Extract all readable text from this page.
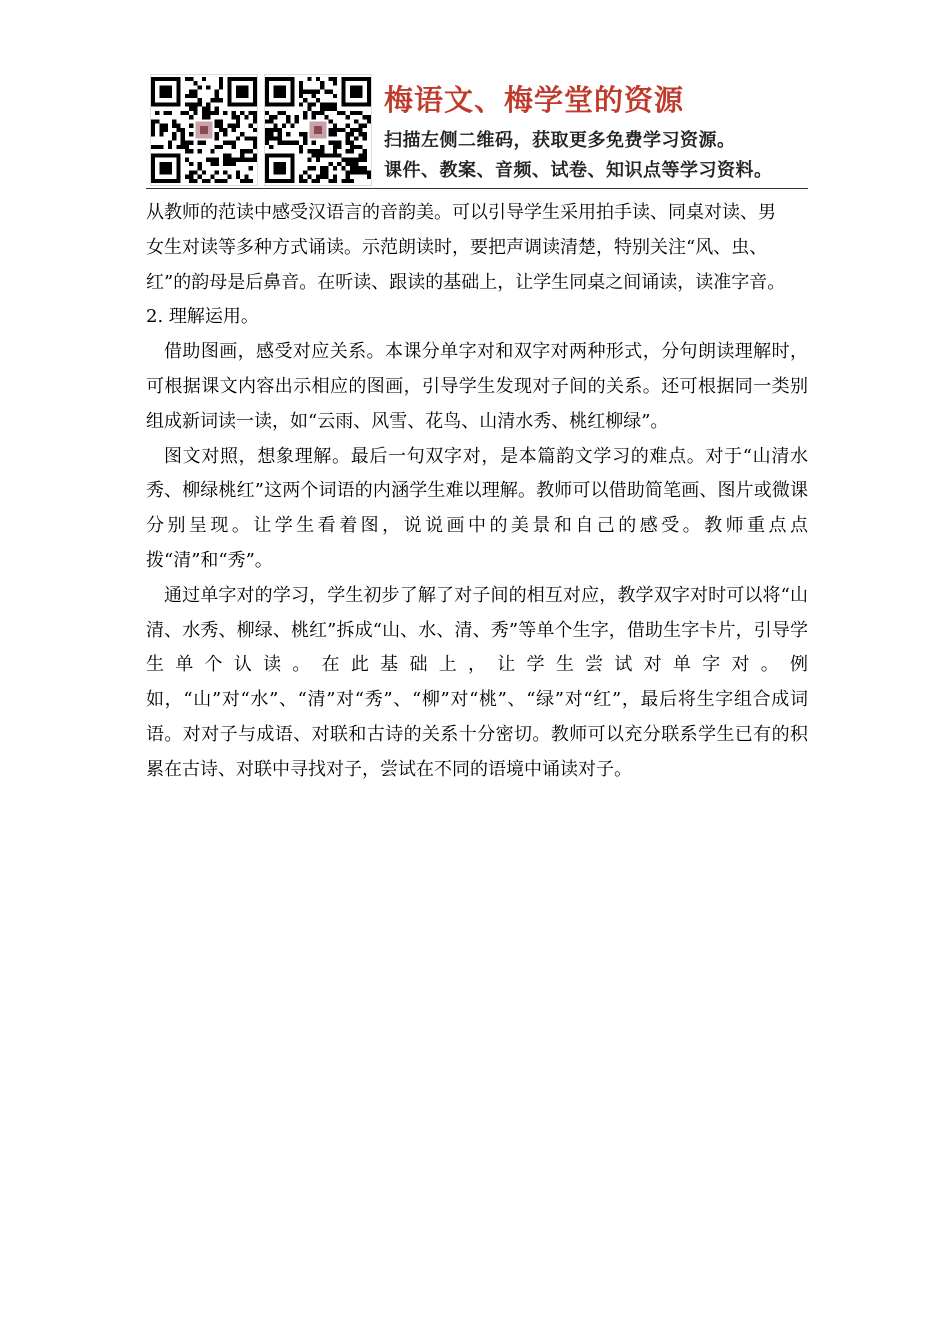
梅语文、梅学堂的资源
扫描左侧二维码，获取更多免费学习资源。
课件、教案、音频、试卷、知识点等学习资料。

从教师的范读中感受汉语言的音韵美。可以引导学生采用拍手读、同桌对读、男

女生对读等多种方式诵读。示范朗读时，要把声调读清楚，特别关注“风、虫、

红”的韵母是后鼻音。在听读、跟读的基础上，让学生同桌之间诵读，读准字音。

2. 理解运用。

借助图画，感受对应关系。本课分单字对和双字对两种形式，分句朗读理解时，可根据课文内容出示相应的图画，引导学生发现对子间的关系。还可根据同一类别组成新词读一读，如“云雨、风雪、花鸟、山清水秀、桃红柳绿”。

图文对照，想象理解。最后一句双字对，是本篇韵文学习的难点。对于“山清水秀、柳绿桃红”这两个词语的内涵学生难以理解。教师可以借助简笔画、图片或微课分别呈现。让学生看着图，说说画中的美景和自己的感受。教师重点点拨“清”和“秀”。

通过单字对的学习，学生初步了解了对子间的相互对应，教学双字对时可以将“山清、水秀、柳绿、桃红”拆成“山、水、清、秀”等单个生字，借助生字卡片，引导学生单个认读。在此基础上，让学生尝试对单字对。例如，“山”对“水”、“清”对“秀”、“柳”对“桃”、“绿”对“红”，最后将生字组合成词语。对对子与成语、对联和古诗的关系十分密切。教师可以充分联系学生已有的积累在古诗、对联中寻找对子，尝试在不同的语境中诵读对子。
